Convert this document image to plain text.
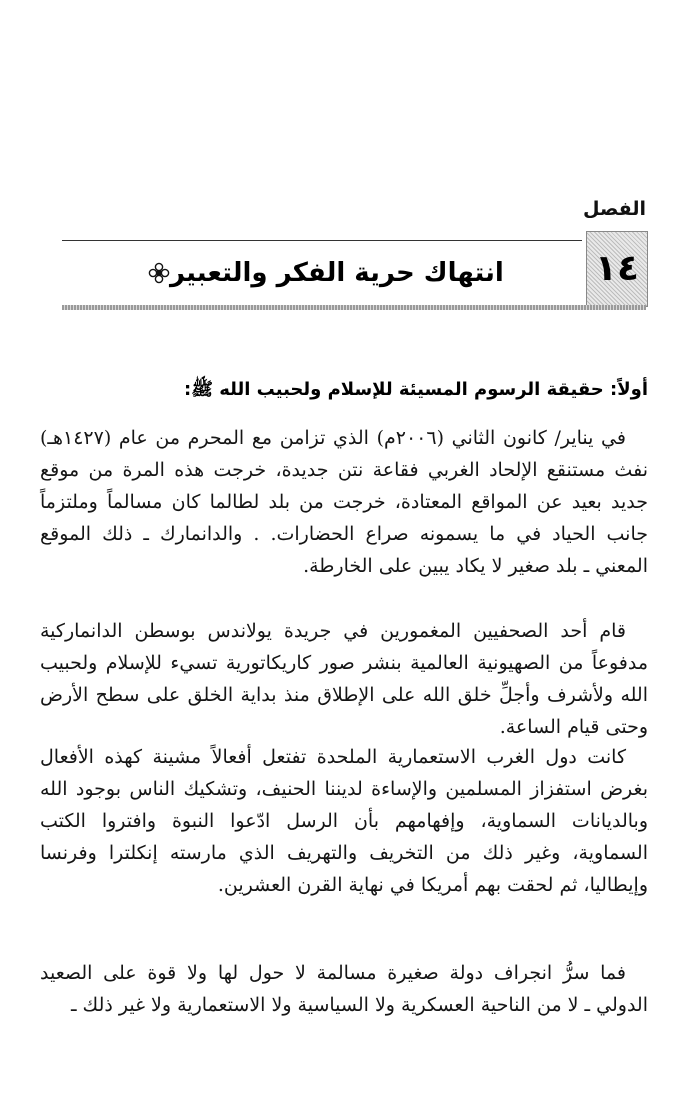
الفصل
١٤
انتهاك حرية الفكر والتعبير
أولاً: حقيقة الرسوم المسيئة للإسلام ولحبيب الله ﷺ:

في يناير/ كانون الثاني (٢٠٠٦م) الذي تزامن مع المحرم من عام (١٤٢٧هـ) نفث مستنقع الإلحاد الغربي فقاعة نتن جديدة، خرجت هذه المرة من موقع جديد بعيد عن المواقع المعتادة، خرجت من بلد لطالما كان مسالماً وملتزماً جانب الحياد في ما يسمونه صراع الحضارات. . والدانمارك ـ ذلك الموقع المعني ـ بلد صغير لا يكاد يبين على الخارطة.

قام أحد الصحفيين المغمورين في جريدة يولاندس بوسطن الدانماركية مدفوعاً من الصهيونية العالمية بنشر صور كاريكاتورية تسيء للإسلام ولحبيب الله ولأشرف وأجلِّ خلق الله على الإطلاق منذ بداية الخلق على سطح الأرض وحتى قيام الساعة.

كانت دول الغرب الاستعمارية الملحدة تفتعل أفعالاً مشينة كهذه الأفعال بغرض استفزاز المسلمين والإساءة لديننا الحنيف، وتشكيك الناس بوجود الله وبالديانات السماوية، وإفهامهم بأن الرسل ادّعوا النبوة وافتروا الكتب السماوية، وغير ذلك من التخريف والتهريف الذي مارسته إنكلترا وفرنسا وإيطاليا، ثم لحقت بهم أمريكا في نهاية القرن العشرين.

فما سرُّ انجراف دولة صغيرة مسالمة لا حول لها ولا قوة على الصعيد الدولي ـ لا من الناحية العسكرية ولا السياسية ولا الاستعمارية ولا غير ذلك ـ
